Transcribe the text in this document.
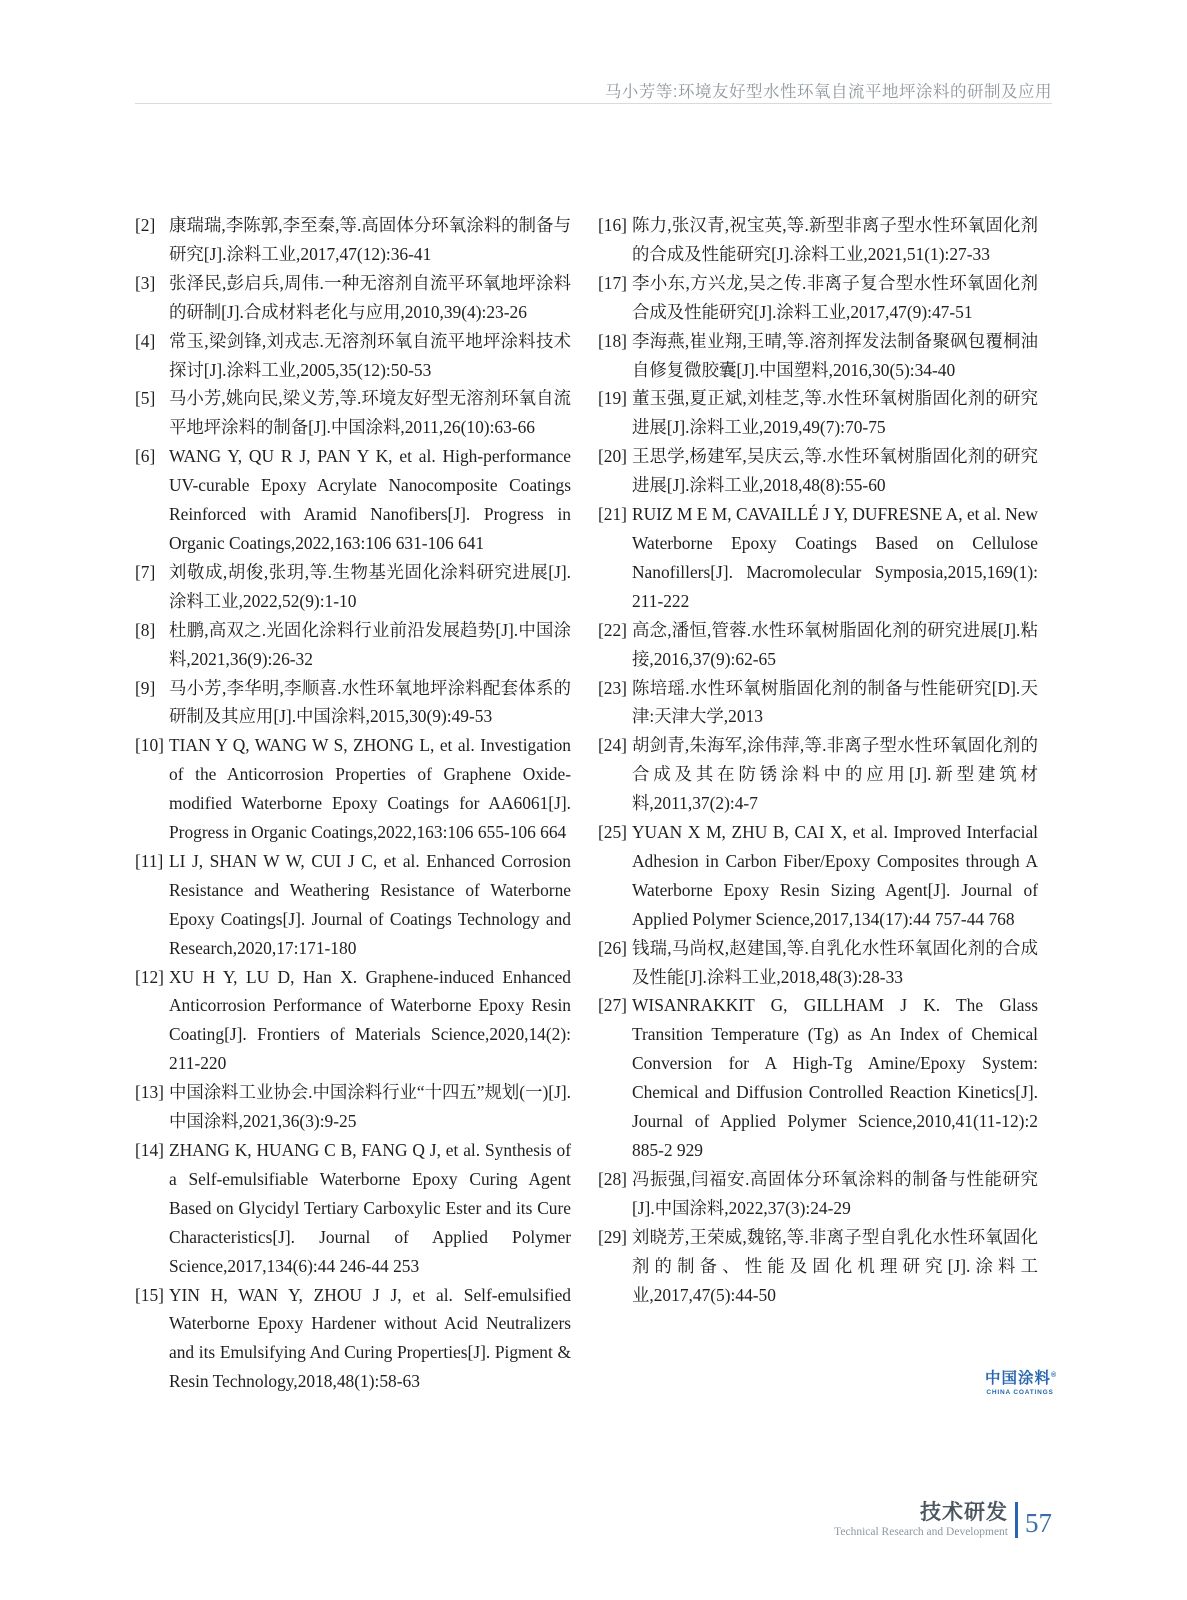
马小芳等:环境友好型水性环氧自流平地坪涂料的研制及应用
[2] 康瑞瑞,李陈郭,李至秦,等.高固体分环氧涂料的制备与研究[J].涂料工业,2017,47(12):36-41
[3] 张泽民,彭启兵,周伟.一种无溶剂自流平环氧地坪涂料的研制[J].合成材料老化与应用,2010,39(4):23-26
[4] 常玉,梁剑锋,刘戎志.无溶剂环氧自流平地坪涂料技术探讨[J].涂料工业,2005,35(12):50-53
[5] 马小芳,姚向民,梁义芳,等.环境友好型无溶剂环氧自流平地坪涂料的制备[J].中国涂料,2011,26(10):63-66
[6] WANG Y, QU R J, PAN Y K, et al. High-performance UV-curable Epoxy Acrylate Nanocomposite Coatings Reinforced with Aramid Nanofibers[J]. Progress in Organic Coatings,2022,163:106 631-106 641
[7] 刘敬成,胡俊,张玥,等.生物基光固化涂料研究进展[J].涂料工业,2022,52(9):1-10
[8] 杜鹏,高双之.光固化涂料行业前沿发展趋势[J].中国涂料,2021,36(9):26-32
[9] 马小芳,李华明,李顺喜.水性环氧地坪涂料配套体系的研制及其应用[J].中国涂料,2015,30(9):49-53
[10] TIAN Y Q, WANG W S, ZHONG L, et al. Investigation of the Anticorrosion Properties of Graphene Oxide-modified Waterborne Epoxy Coatings for AA6061[J]. Progress in Organic Coatings,2022,163:106 655-106 664
[11] LI J, SHAN W W, CUI J C, et al. Enhanced Corrosion Resistance and Weathering Resistance of Waterborne Epoxy Coatings[J]. Journal of Coatings Technology and Research,2020,17:171-180
[12] XU H Y, LU D, Han X. Graphene-induced Enhanced Anticorrosion Performance of Waterborne Epoxy Resin Coating[J]. Frontiers of Materials Science,2020,14(2): 211-220
[13] 中国涂料工业协会.中国涂料行业“十四五”规划(一)[J].中国涂料,2021,36(3):9-25
[14] ZHANG K, HUANG C B, FANG Q J, et al. Synthesis of a Self-emulsifiable Waterborne Epoxy Curing Agent Based on Glycidyl Tertiary Carboxylic Ester and its Cure Characteristics[J]. Journal of Applied Polymer Science,2017,134(6):44 246-44 253
[15] YIN H, WAN Y, ZHOU J J, et al. Self-emulsified Waterborne Epoxy Hardener without Acid Neutralizers and its Emulsifying And Curing Properties[J]. Pigment & Resin Technology,2018,48(1):58-63
[16] 陈力,张汉青,祝宝英,等.新型非离子型水性环氧固化剂的合成及性能研究[J].涂料工业,2021,51(1):27-33
[17] 李小东,方兴龙,吴之传.非离子复合型水性环氧固化剂合成及性能研究[J].涂料工业,2017,47(9):47-51
[18] 李海燕,崔业翔,王晴,等.溶剂挥发法制备聚砜包覆桐油自修复微胶囊[J].中国塑料,2016,30(5):34-40
[19] 董玉强,夏正斌,刘桂芝,等.水性环氧树脂固化剂的研究进展[J].涂料工业,2019,49(7):70-75
[20] 王思学,杨建军,吴庆云,等.水性环氧树脂固化剂的研究进展[J].涂料工业,2018,48(8):55-60
[21] RUIZ M E M, CAVAILLÉ J Y, DUFRESNE A, et al. New Waterborne Epoxy Coatings Based on Cellulose Nanofillers[J]. Macromolecular Symposia,2015,169(1): 211-222
[22] 高念,潘恒,管蓉.水性环氧树脂固化剂的研究进展[J].粘接,2016,37(9):62-65
[23] 陈培瑶.水性环氧树脂固化剂的制备与性能研究[D].天津:天津大学,2013
[24] 胡剑青,朱海军,涂伟萍,等.非离子型水性环氧固化剂的合成及其在防锈涂料中的应用[J].新型建筑材料,2011,37(2):4-7
[25] YUAN X M, ZHU B, CAI X, et al. Improved Interfacial Adhesion in Carbon Fiber/Epoxy Composites through A Waterborne Epoxy Resin Sizing Agent[J]. Journal of Applied Polymer Science,2017,134(17):44 757-44 768
[26] 钱瑞,马尚权,赵建国,等.自乳化水性环氧固化剂的合成及性能[J].涂料工业,2018,48(3):28-33
[27] WISANRAKKIT G, GILLHAM J K. The Glass Transition Temperature (Tg) as An Index of Chemical Conversion for A High-Tg Amine/Epoxy System: Chemical and Diffusion Controlled Reaction Kinetics[J]. Journal of Applied Polymer Science,2010,41(11-12):2 885-2 929
[28] 冯振强,闫福安.高固体分环氧涂料的制备与性能研究[J].中国涂料,2022,37(3):24-29
[29] 刘晓芳,王荣威,魏铭,等.非离子型自乳化水性环氧固化剂的制备、性能及固化机理研究[J].涂料工业,2017,47(5):44-50
中国涂料®
CHINA COATINGS
技术研发
Technical Research and Development 57
